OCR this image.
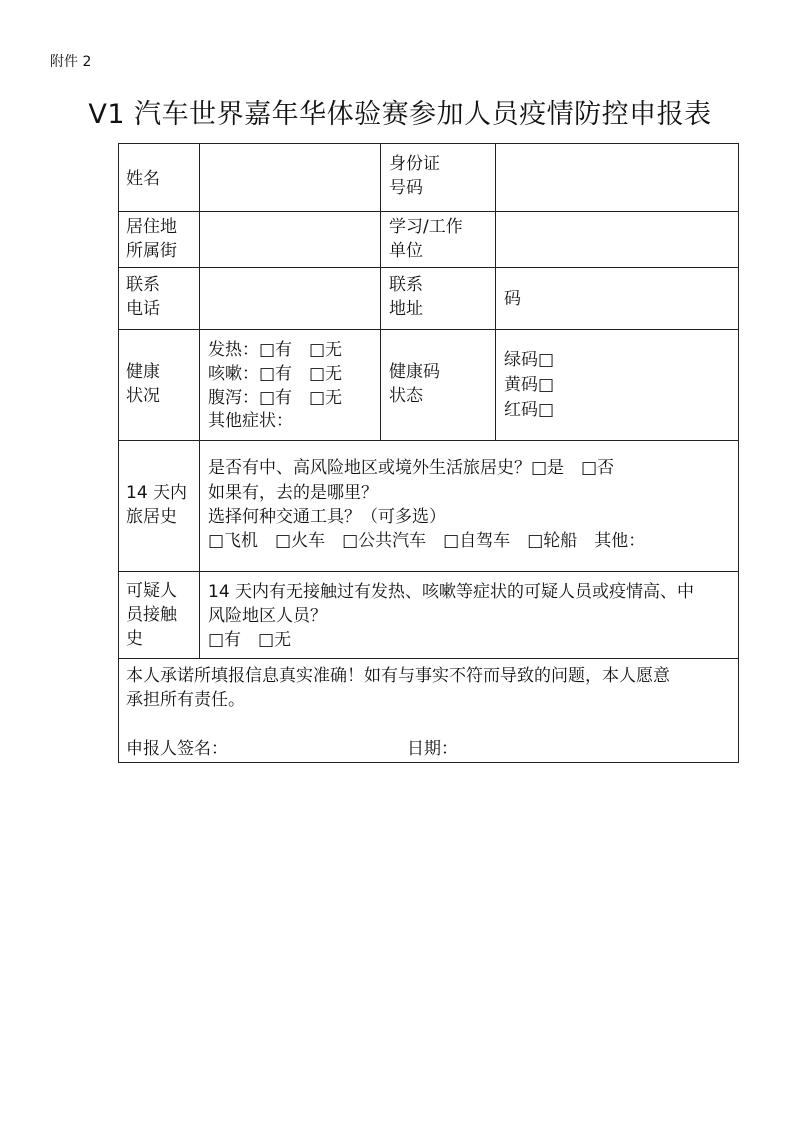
附件 2
V1 汽车世界嘉年华体验赛参加人员疫情防控申报表
姓名
身份证
号码
居住地
所属街
学习/工作
单位
联系
电话
联系
地址	码
健康
状况
发热：□有　□无
咳嗽：□有　□无
腹泻：□有　□无
其他症状：
健康码
状态
绿码□
黄码□
红码□
14 天内
旅居史
是否有中、高风险地区或境外生活旅居史？□是　□否
如果有，去的是哪里？
选择何种交通工具？（可多选）
□飞机　□火车　□公共汽车　□自驾车　□轮船　其他：
可疑人
员接触
史
14 天内有无接触过有发热、咳嗽等症状的可疑人员或疫情高、中
风险地区人员？
□有　□无
本人承诺所填报信息真实准确！如有与事实不符而导致的问题，本人愿意
承担所有责任。
申报人签名：	日期：
